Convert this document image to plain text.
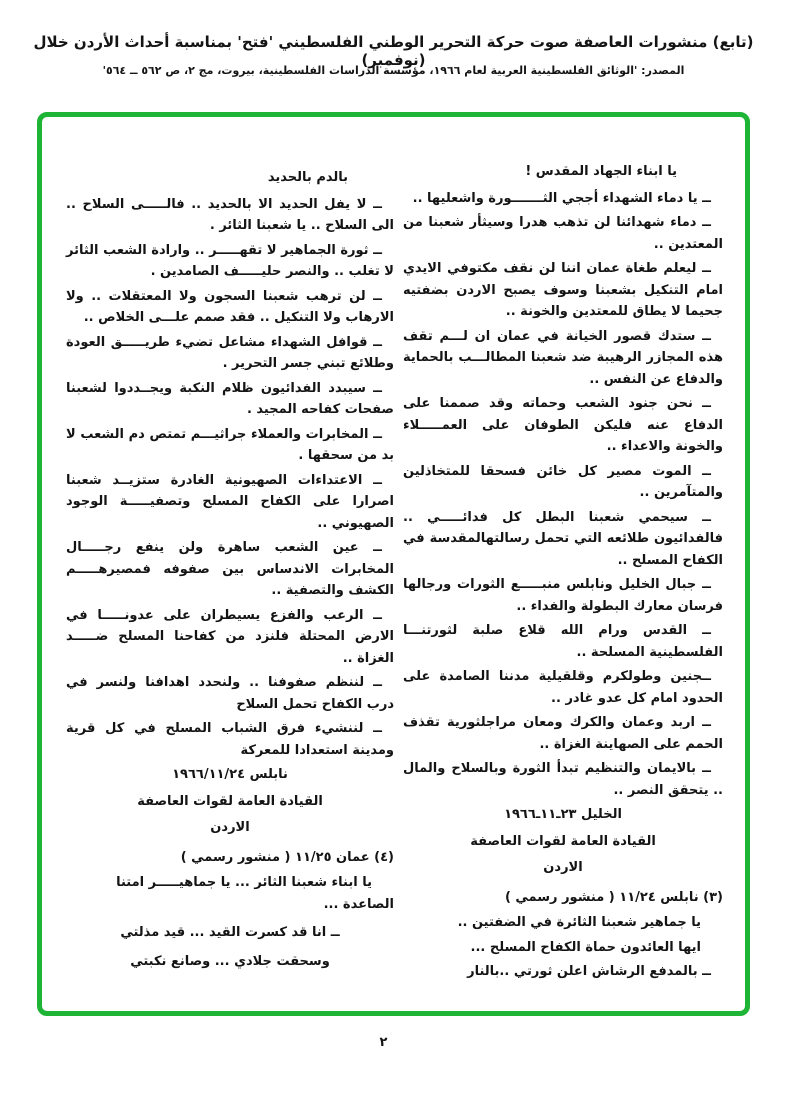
(تابع) منشورات العاصفة صوت حركة التحرير الوطني الفلسطيني 'فتح' بمناسبة أحداث الأردن خلال (نوفمبر)
المصدر: 'الوثائق الفلسطينية العربية لعام ١٩٦٦، مؤسسة الدراسات الفلسطينية، بيروت، مج ٢، ص ٥٦٢ ــ ٥٦٤'
يا ابناء الجهاد المقدس !
ــ يا دماء الشهداء أججي الثـــــــورة واشعليها ..
ــ دماء شهدائنا لن تذهب هدرا وسيثأر شعبنا من المعتدين ..
ــ ليعلم طغاة عمان اننا لن نقف مكتوفي الايدي امام التنكيل بشعبنا وسوف يصبح الاردن بضفتيه جحيما لا يطاق للمعتدين والخونة ..
ــ ستدك قصور الخيانة في عمان ان لـــم تقف هذه المجازر الرهيبة ضد شعبنا المطالـــب بالحماية والدفاع عن النفس ..
ــ نحن جنود الشعب وحماته وقد صممنا على الدفاع عنه فليكن الطوفان على العمـــــلاء والخونة والاعداء ..
ــ الموت مصير كل خائن فسحقا للمتخاذلين والمتآمرين ..
ــ سيحمي شعبنا البطل كل فدائـــــي .. فالفدائيون طلائعه التي تحمل رسالتهالمقدسة في الكفاح المسلح ..
ــ جبال الخليل ونابلس منبـــــع الثورات ورجالها فرسان معارك البطولة والفداء ..
ــ القدس ورام الله قلاع صلبة لثورتنـــا الفلسطينية المسلحة ..
ــجنين وطولكرم وقلقيلية مدننا الصامدة على الحدود امام كل عدو غادر ..
ــ اربد وعمان والكرك ومعان مراجلثورية تقذف الحمم على الصهاينة الغزاة ..
ــ بالايمان والتنظيم تبدأ الثورة وبالسلاح والمال .. يتحقق النصر ..
الخليل ٢٣ـ١١ـ١٩٦٦
القيادة العامة لقوات العاصفة
الاردن
(٣) نابلس ١١/٢٤ ( منشور رسمي )
يا جماهير شعبنا الثائرة في الضفتين ..
ايها العائدون حماة الكفاح المسلح ...
ــ بالمدفع الرشاش اعلن ثورتي ..بالنار
بالدم بالحديد
ــ لا يفل الحديد الا بالحديد .. فالـــــى السلاح .. الى السلاح .. يا شعبنا الثائر .
ــ ثورة الجماهير لا تقهـــــر .. وارادة الشعب الثائر لا تغلب .. والنصر حليـــــف الصامدين .
ــ لن ترهب شعبنا السجون ولا المعتقلات .. ولا الارهاب ولا التنكيل .. فقد صمم علـــى الخلاص ..
ــ قوافل الشهداء مشاعل تضيء طريـــــق العودة وطلائع تبني جسر التحرير .
ــ سيبدد الفدائيون ظلام النكبة ويجــددوا لشعبنا صفحات كفاحه المجيد .
ــ المخابرات والعملاء جراثيـــم تمتص دم الشعب لا بد من سحقها .
ــ الاعتداءات الصهيونية الغادرة ستزيــد شعبنا اصرارا على الكفاح المسلح وتصفيـــــة الوجود الصهيوني ..
ــ عين الشعب ساهرة ولن ينفع رجـــــال المخابرات الاندساس بين صفوفه فمصيرهـــــم الكشف والتصفية ..
ــ الرعب والفزع يسيطران على عدونـــــا في الارض المحتلة فلنزد من كفاحنا المسلح ضـــــد الغزاة ..
ــ لننظم صفوفنا .. ولنحدد اهدافنا ولنسر في درب الكفاح تحمل السلاح
ــ لننشيء فرق الشباب المسلح في كل قرية ومدينة استعدادا للمعركة
نابلس ١٩٦٦/١١/٢٤
القيادة العامة لقوات العاصفة
الاردن
(٤) عمان ١١/٢٥ ( منشور رسمي )
يا ابناء شعبنا الثائر ... يا جماهيـــــر امتنا الصاعدة ...
ــ انا قد كسرت القيد ... قيد مذلتي
وسحقت جلادي ... وصانع نكبتي
٢
